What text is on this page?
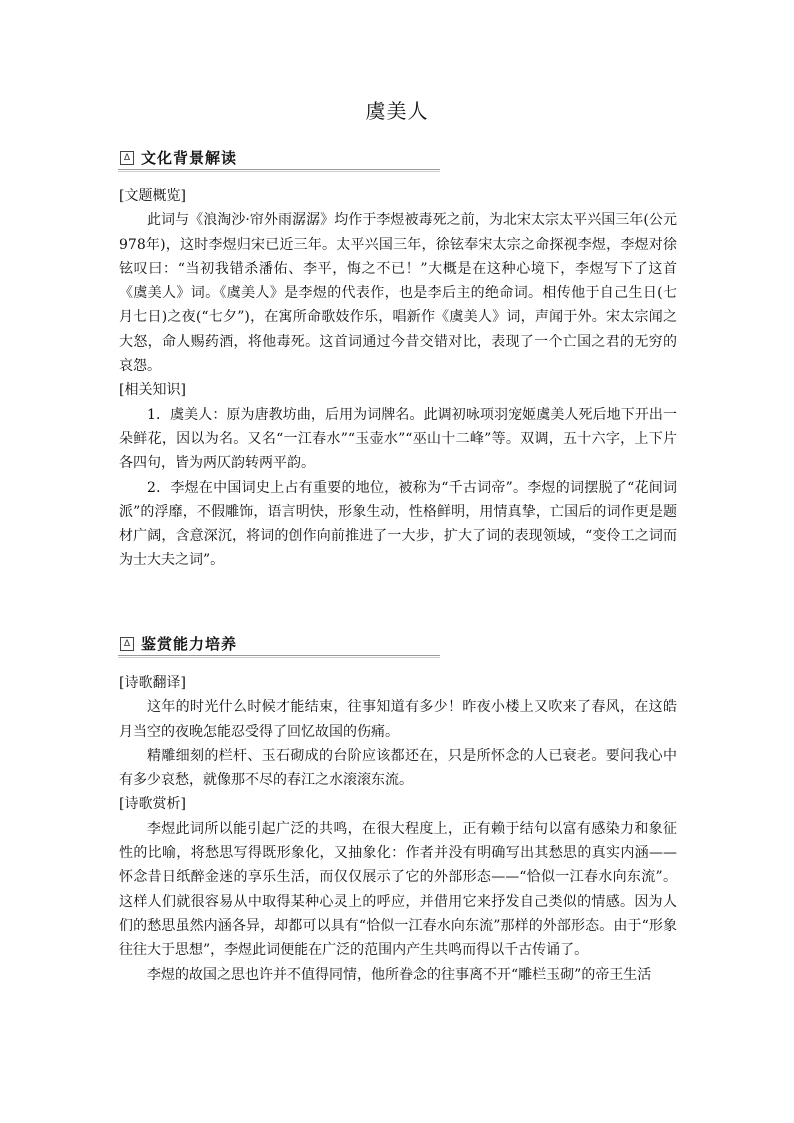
虞美人
∆ 文化背景解读

[文题概览]

此词与《浪淘沙·帘外雨潺潺》均作于李煜被毒死之前，为北宋太宗太平兴国三年(公元978年)，这时李煜归宋已近三年。太平兴国三年，徐铉奉宋太宗之命探视李煜，李煜对徐铉叹曰：“当初我错杀潘佑、李平，悔之不已！”大概是在这种心境下，李煜写下了这首《虞美人》词。《虞美人》是李煜的代表作，也是李后主的绝命词。相传他于自己生日(七月七日)之夜(“七夕”)，在寓所命歌妓作乐，唱新作《虞美人》词，声闻于外。宋太宗闻之大怒，命人赐药酒，将他毒死。这首词通过今昔交错对比，表现了一个亡国之君的无穷的哀怨。

[相关知识]

1．虞美人：原为唐教坊曲，后用为词牌名。此调初咏项羽宠姬虞美人死后地下开出一朵鲜花，因以为名。又名“一江春水”“玉壶水”“巫山十二峰”等。双调，五十六字，上下片各四句，皆为两仄韵转两平韵。

2．李煜在中国词史上占有重要的地位，被称为“千古词帝”。李煜的词摆脱了“花间词派”的浮靡，不假雕饰，语言明快，形象生动，性格鲜明，用情真挚，亡国后的词作更是题材广阔，含意深沉，将词的创作向前推进了一大步，扩大了词的表现领域，“变伶工之词而为士大夫之词”。

∆ 鉴赏能力培养

[诗歌翻译]

这年的时光什么时候才能结束，往事知道有多少！昨夜小楼上又吹来了春风，在这皓月当空的夜晚怎能忍受得了回忆故国的伤痛。

精雕细刻的栏杆、玉石砌成的台阶应该都还在，只是所怀念的人已衰老。要问我心中有多少哀愁，就像那不尽的春江之水滚滚东流。

[诗歌赏析]

李煜此词所以能引起广泛的共鸣，在很大程度上，正有赖于结句以富有感染力和象征性的比喻，将愁思写得既形象化，又抽象化：作者并没有明确写出其愁思的真实内涵——怀念昔日纸醉金迷的享乐生活，而仅仅展示了它的外部形态——“恰似一江春水向东流”。这样人们就很容易从中取得某种心灵上的呼应，并借用它来抒发自己类似的情感。因为人们的愁思虽然内涵各异，却都可以具有“恰似一江春水向东流”那样的外部形态。由于“形象往往大于思想”，李煜此词便能在广泛的范围内产生共鸣而得以千古传诵了。

李煜的故国之思也许并不值得同情，他所眷念的往事离不开“雕栏玉砌”的帝王生活
